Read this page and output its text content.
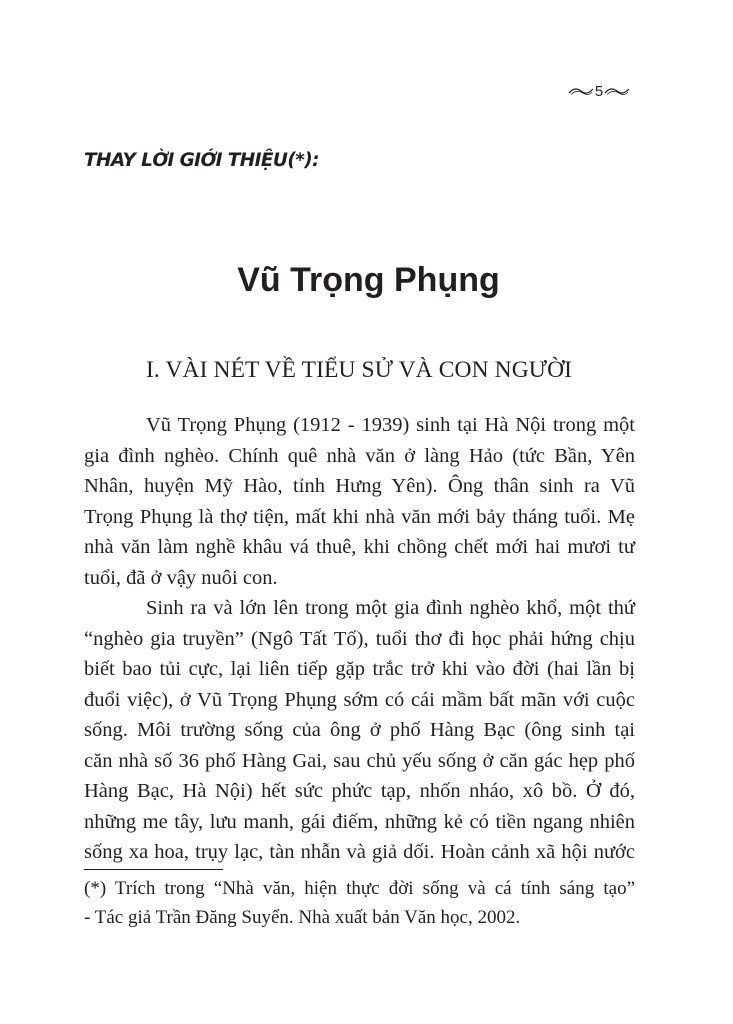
5
THAY LỜI GIỚI THIỆU(*):
Vũ Trọng Phụng
I. VÀI NÉT VỀ TIỂU SỬ VÀ CON NGƯỜI
Vũ Trọng Phụng (1912 - 1939) sinh tại Hà Nội trong một
gia đình nghèo. Chính quê nhà văn ở làng Hảo (tức Bần, Yên
Nhân, huyện Mỹ Hào, tỉnh Hưng Yên). Ông thân sinh ra Vũ
Trọng Phụng là thợ tiện, mất khi nhà văn mới bảy tháng tuổi. Mẹ
nhà văn làm nghề khâu vá thuê, khi chồng chết mới hai mươi tư
tuổi, đã ở vậy nuôi con.
Sinh ra và lớn lên trong một gia đình nghèo khổ, một thứ
“nghèo gia truyền” (Ngô Tất Tố), tuổi thơ đi học phải hứng chịu
biết bao tủi cực, lại liên tiếp gặp trắc trở khi vào đời (hai lần bị
đuổi việc), ở Vũ Trọng Phụng sớm có cái mầm bất mãn với cuộc
sống. Môi trường sống của ông ở phố Hàng Bạc (ông sinh tại
căn nhà số 36 phố Hàng Gai, sau chủ yếu sống ở căn gác hẹp phố
Hàng Bạc, Hà Nội) hết sức phức tạp, nhốn nháo, xô bồ. Ở đó,
những me tây, lưu manh, gái điếm, những kẻ có tiền ngang nhiên
sống xa hoa, trụy lạc, tàn nhẫn và giả dối. Hoàn cảnh xã hội nước
(*) Trích trong “Nhà văn, hiện thực đời sống và cá tính sáng tạo”
- Tác giả Trần Đăng Suyển. Nhà xuất bản Văn học, 2002.
